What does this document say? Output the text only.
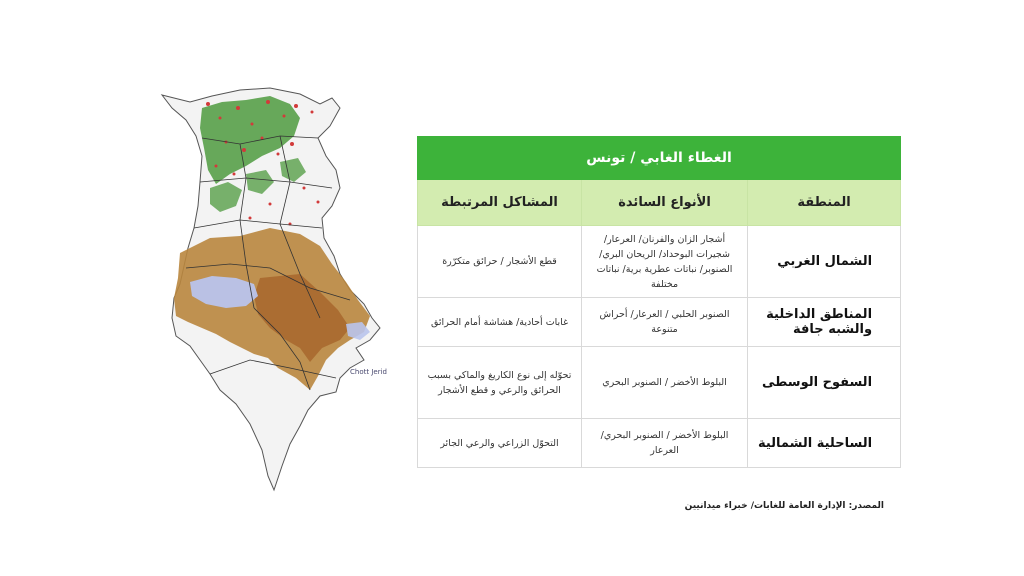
Chott Jerid
الغطاء الغابي / تونس		
المنطقة	الأنواع السائدة	المشاكل المرتبطة
الشمال الغربي	أشجار الزان والفرنان/ العرعار/ شجيرات البوحداد/ الريحان البري/ الصنوبر/ نباتات عطرية برية/ نباتات مختلفة	قطع الأشجار / حرائق متكرّرة
المناطق الداخلية والشبه جافة	الصنوبر الحلبي / العرعار/ أحراش متنوعة	غابات أحادية/ هشاشة أمام الحرائق
السفوح الوسطى	البلوط الأخضر / الصنوبر البحري	تحوّله إلى نوع الكاريغ والماكي بسبب الحرائق والرعي و قطع الأشجار
الساحلية الشمالية	البلوط الأخضر / الصنوبر البحري/ العرعار	التحوّل الزراعي والرعي الجائر
المصدر: الإدارة العامة للغابات/ خبراء ميدانيين
